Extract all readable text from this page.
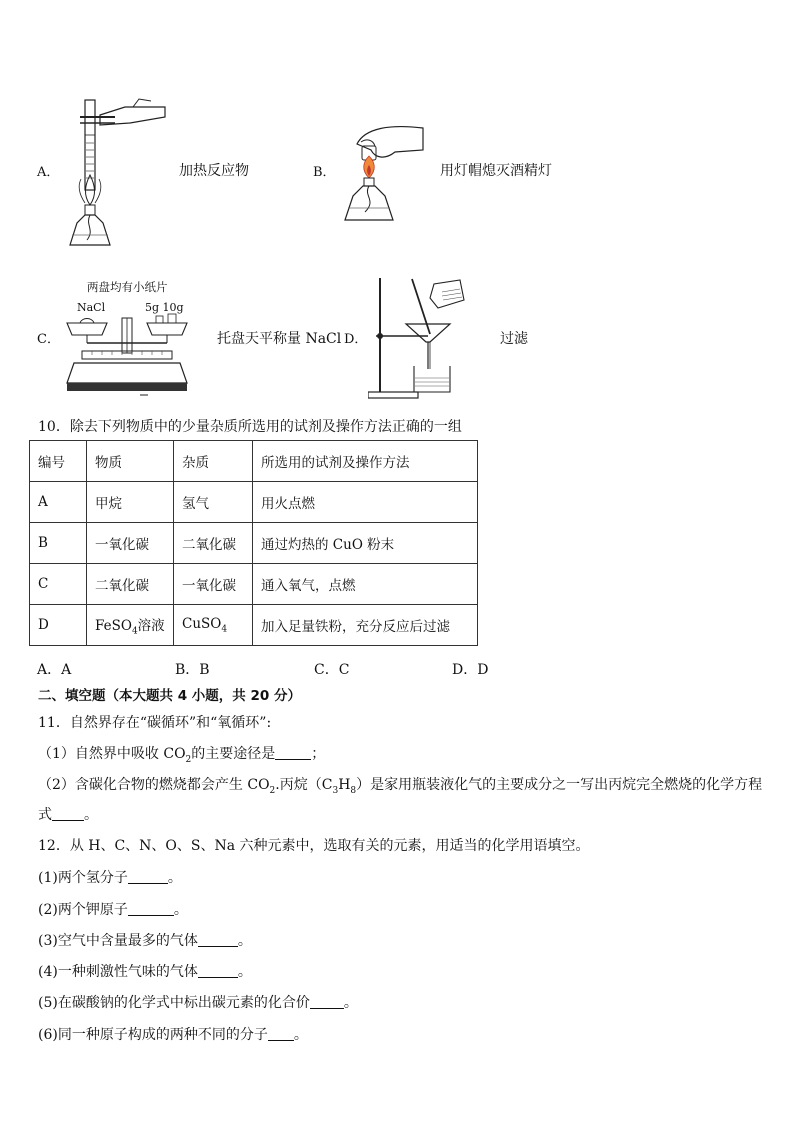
A．	加热反应物	B．	用灯帽熄灭酒精灯
C．
两盘均有小纸片
NaCl	5g 10g
托盘天平称量 NaCl D．	过滤
10．除去下列物质中的少量杂质所选用的试剂及操作方法正确的一组
编号	物质	杂质	所选用的试剂及操作方法
A	甲烷	氢气	用火点燃
B	一氧化碳	二氧化碳	通过灼热的 CuO 粉末
C	二氧化碳	一氧化碳	通入氧气，点燃
D	FeSO$_4$溶液	CuSO$_4$	加入足量铁粉，充分反应后过滤
A．A	B．B	C．C	D．D
二、填空题（本大题共 4 小题，共 20 分）
11．自然界存在“碳循环”和“氧循环”:
（1）自然界中吸收 $CO_2$的主要途径是	；
（2）含碳化合物的燃烧都会产生 $CO_2$.丙烷$(C_3H_8)$是家用瓶装液化气的主要成分之一写出丙烷完全燃烧的化学方程
式 。
12．从 H、C、N、O、S、Na 六种元素中，选取有关的元素，用适当的化学用语填空。
(1)两个氢分子	。
(2)两个钾原子	。
(3)空气中含量最多的气体	。
(4)一种刺激性气味的气体	。
(5)在碳酸钠的化学式中标出碳元素的化合价 。
(6)同一种原子构成的两种不同的分子 。
